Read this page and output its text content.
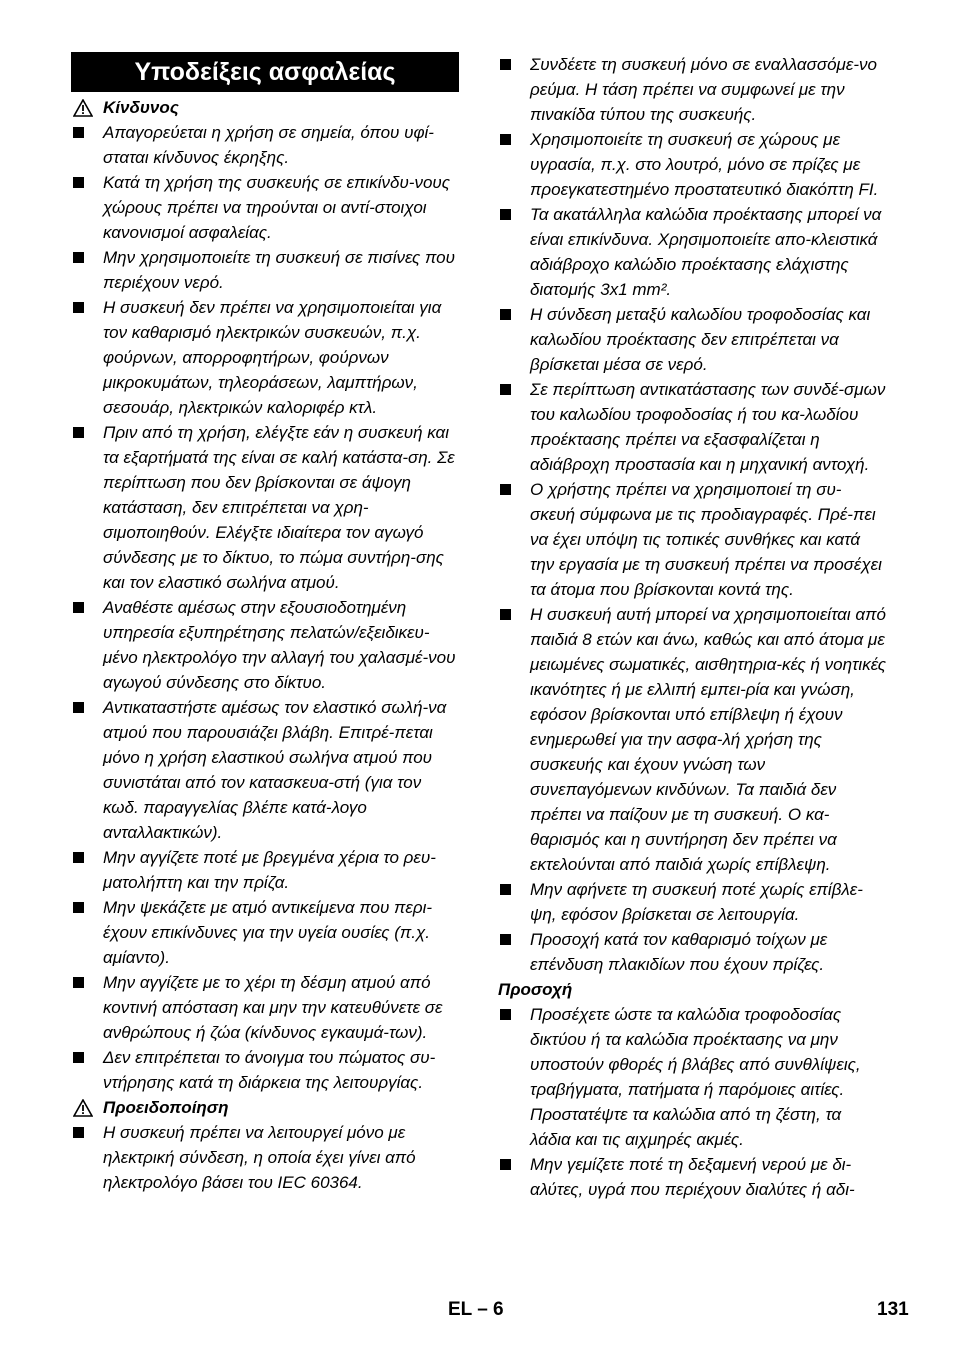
Υποδείξεις ασφαλείας
Κίνδυνος
Απαγορεύεται η χρήση σε σημεία, όπου υφί-σταται κίνδυνος έκρηξης.
Κατά τη χρήση της συσκευής σε επικίνδυ-νους χώρους πρέπει να τηρούνται οι αντί-στοιχοι κανονισμοί ασφαλείας.
Μην χρησιμοποιείτε τη συσκευή σε πισίνες που περιέχουν νερό.
Η συσκευή δεν πρέπει να χρησιμοποιείται για τον καθαρισμό ηλεκτρικών συσκευών, π.χ. φούρνων, απορροφητήρων, φούρνων μικροκυμάτων, τηλεοράσεων, λαμπτήρων, σεσουάρ, ηλεκτρικών καλοριφέρ κτλ.
Πριν από τη χρήση, ελέγξτε εάν η συσκευή και τα εξαρτήματά της είναι σε καλή κατάστα-ση. Σε περίπτωση που δεν βρίσκονται σε άψογη κατάσταση, δεν επιτρέπεται να χρη-σιμοποιηθούν. Ελέγξτε ιδιαίτερα τον αγωγό σύνδεσης με το δίκτυο, το πώμα συντήρη-σης και τον ελαστικό σωλήνα ατμού.
Αναθέστε αμέσως στην εξουσιοδοτημένη υπηρεσία εξυπηρέτησης πελατών/εξειδικευ-μένο ηλεκτρολόγο την αλλαγή του χαλασμέ-νου αγωγού σύνδεσης στο δίκτυο.
Αντικαταστήστε αμέσως τον ελαστικό σωλή-να ατμού που παρουσιάζει βλάβη. Επιτρέ-πεται μόνο η χρήση ελαστικού σωλήνα ατμού που συνιστάται από τον κατασκευα-στή (για τον κωδ. παραγγελίας βλέπε κατά-λογο ανταλλακτικών).
Μην αγγίζετε ποτέ με βρεγμένα χέρια το ρευ-ματολήπτη και την πρίζα.
Μην ψεκάζετε με ατμό αντικείμενα που περι-έχουν επικίνδυνες για την υγεία ουσίες (π.χ. αμίαντο).
Μην αγγίζετε με το χέρι τη δέσμη ατμού από κοντινή απόσταση και μην την κατευθύνετε σε ανθρώπους ή ζώα (κίνδυνος εγκαυμά-των).
Δεν επιτρέπεται το άνοιγμα του πώματος συ-ντήρησης κατά τη διάρκεια της λειτουργίας.
Προειδοποίηση
Η συσκευή πρέπει να λειτουργεί μόνο με ηλεκτρική σύνδεση, η οποία έχει γίνει από ηλεκτρολόγο βάσει του IEC 60364.
Συνδέετε τη συσκευή μόνο σε εναλλασσόμε-νο ρεύμα. Η τάση πρέπει να συμφωνεί με την πινακίδα τύπου της συσκευής.
Χρησιμοποιείτε τη συσκευή σε χώρους με υγρασία, π.χ. στο λουτρό, μόνο σε πρίζες με προεγκατεστημένο προστατευτικό διακόπτη FI.
Τα ακατάλληλα καλώδια προέκτασης μπορεί να είναι επικίνδυνα. Χρησιμοποιείτε απο-κλειστικά αδιάβροχο καλώδιο προέκτασης ελάχιστης διατομής 3x1 mm².
Η σύνδεση μεταξύ καλωδίου τροφοδοσίας και καλωδίου προέκτασης δεν επιτρέπεται να βρίσκεται μέσα σε νερό.
Σε περίπτωση αντικατάστασης των συνδέ-σμων του καλωδίου τροφοδοσίας ή του κα-λωδίου προέκτασης πρέπει να εξασφαλίζεται η αδιάβροχη προστασία και η μηχανική αντοχή.
Ο χρήστης πρέπει να χρησιμοποιεί τη συ-σκευή σύμφωνα με τις προδιαγραφές. Πρέ-πει να έχει υπόψη τις τοπικές συνθήκες και κατά την εργασία με τη συσκευή πρέπει να προσέχει τα άτομα που βρίσκονται κοντά της.
Η συσκευή αυτή μπορεί να χρησιμοποιείται από παιδιά 8 ετών και άνω, καθώς και από άτομα με μειωμένες σωματικές, αισθητηρια-κές ή νοητικές ικανότητες ή με ελλιπή εμπει-ρία και γνώση, εφόσον βρίσκονται υπό επίβλεψη ή έχουν ενημερωθεί για την ασφα-λή χρήση της συσκευής και έχουν γνώση των συνεπαγόμενων κινδύνων. Τα παιδιά δεν πρέπει να παίζουν με τη συσκευή. Ο κα-θαρισμός και η συντήρηση δεν πρέπει να εκτελούνται από παιδιά χωρίς επίβλεψη.
Μην αφήνετε τη συσκευή ποτέ χωρίς επίβλε-ψη, εφόσον βρίσκεται σε λειτουργία.
Προσοχή κατά τον καθαρισμό τοίχων με επένδυση πλακιδίων που έχουν πρίζες.
Προσοχή
Προσέχετε ώστε τα καλώδια τροφοδοσίας δικτύου ή τα καλώδια προέκτασης να μην υποστούν φθορές ή βλάβες από συνθλίψεις, τραβήγματα, πατήματα ή παρόμοιες αιτίες. Προστατέψτε τα καλώδια από τη ζέστη, τα λάδια και τις αιχμηρές ακμές.
Μην γεμίζετε ποτέ τη δεξαμενή νερού με δι-αλύτες, υγρά που περιέχουν διαλύτες ή αδι-
EL – 6	131
